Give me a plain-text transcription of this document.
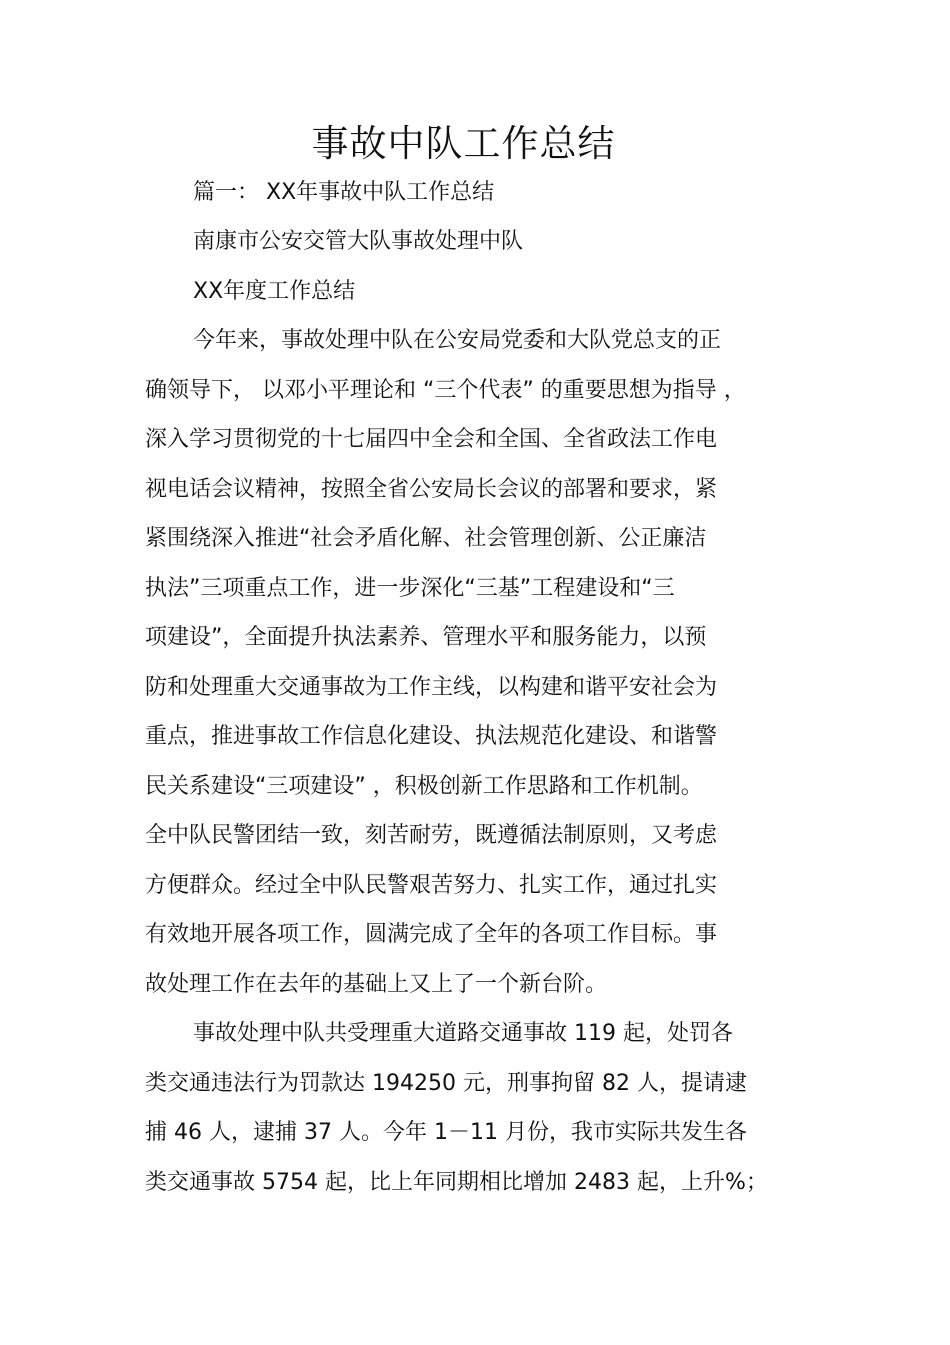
事故中队工作总结
篇一： XX年事故中队工作总结
南康市公安交管大队事故处理中队
XX年度工作总结
今年来，事故处理中队在公安局党委和大队党总支的正
确领导下， 以邓小平理论和 “三个代表” 的重要思想为指导 ，
深入学习贯彻党的十七届四中全会和全国、全省政法工作电
视电话会议精神，按照全省公安局长会议的部署和要求，紧
紧围绕深入推进“社会矛盾化解、社会管理创新、公正廉洁
执法”三项重点工作，进一步深化“三基”工程建设和“三
项建设”，全面提升执法素养、管理水平和服务能力，以预
防和处理重大交通事故为工作主线，以构建和谐平安社会为
重点，推进事故工作信息化建设、执法规范化建设、和谐警
民关系建设“三项建设” ，积极创新工作思路和工作机制。
全中队民警团结一致，刻苦耐劳，既遵循法制原则，又考虑
方便群众。经过全中队民警艰苦努力、扎实工作，通过扎实
有效地开展各项工作，圆满完成了全年的各项工作目标。事
故处理工作在去年的基础上又上了一个新台阶。
事故处理中队共受理重大道路交通事故 119 起，处罚各
类交通违法行为罚款达 194250 元，刑事拘留 82 人，提请逮
捕 46 人，逮捕 37 人。今年 1－11 月份，我市实际共发生各
类交通事故 5754 起，比上年同期相比增加 2483 起，上升%；
